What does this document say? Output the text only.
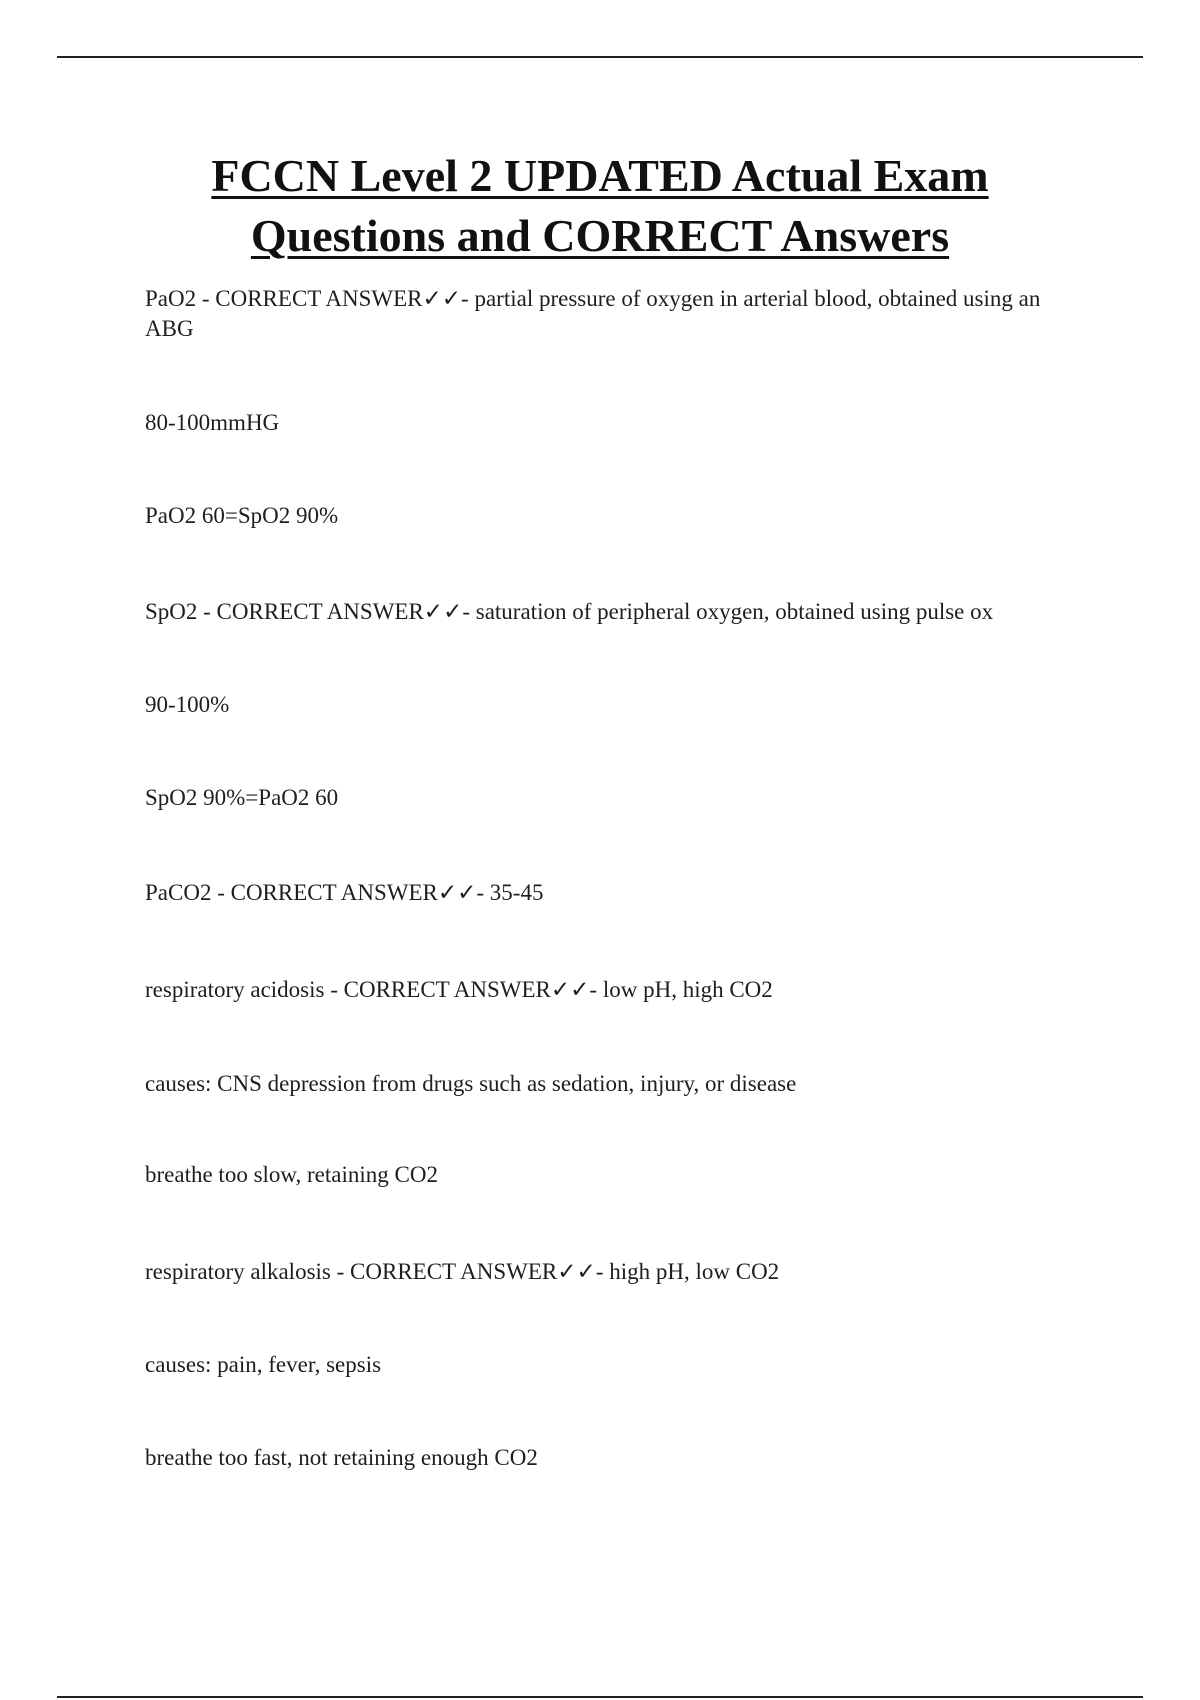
FCCN Level 2 UPDATED Actual Exam
Questions and CORRECT Answers

PaO2 - CORRECT ANSWER✓✓- partial pressure of oxygen in arterial blood, obtained using an ABG

80-100mmHG

PaO2 60=SpO2 90%

SpO2 - CORRECT ANSWER✓✓- saturation of peripheral oxygen, obtained using pulse ox

90-100%

SpO2 90%=PaO2 60

PaCO2 - CORRECT ANSWER✓✓- 35-45

respiratory acidosis - CORRECT ANSWER✓✓- low pH, high CO2

causes: CNS depression from drugs such as sedation, injury, or disease

breathe too slow, retaining CO2

respiratory alkalosis - CORRECT ANSWER✓✓- high pH, low CO2

causes: pain, fever, sepsis

breathe too fast, not retaining enough CO2
